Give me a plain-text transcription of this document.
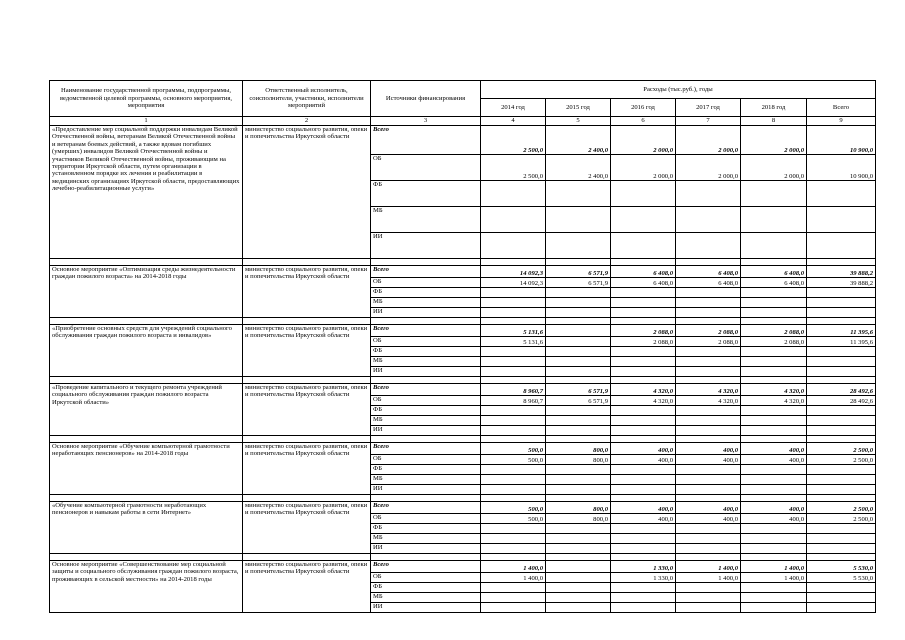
Наименование государственной программы, подпрограммы, ведомственной целевой программы, основного мероприятия, мероприятия	Ответственный исполнитель, соисполнители, участники, исполнители мероприятий	Источники финансирования	Расходы (тыс.руб.), годы					
			2014 год	2015 год	2016 год	2017 год	2018 год	Всего
1	2	3	4	5	6	7	8	9
«Предоставление мер социальной поддержки инвалидам Великой Отечественной войны, ветеранам Великой Отечественной войны и ветеранам боевых действий, а также вдовам погибших (умерших) инвалидов Великой Отечественной войны и участников Великой Отечественной войны, проживающим на территории Иркутской области, путем организации в установленном порядке их лечения и реабилитации в медицинских организациях Иркутской области, предоставляющих лечебно-реабилитационные услуги»	министерство социального развития, опеки и попечительства Иркутской области	Всего	2 500,0	2 400,0	2 000,0	2 000,0	2 000,0	10 900,0
		ОБ	2 500,0	2 400,0	2 000,0	2 000,0	2 000,0	10 900,0
		ФБ						
		МБ						
		ИИ						

Основное мероприятие «Оптимизация среды жизнедеятельности граждан пожилого возраста» на 2014-2018 годы	министерство социального развития, опеки и попечительства Иркутской области	Всего	14 092,3	6 571,9	6 408,0	6 408,0	6 408,0	39 888,2
		ОБ	14 092,3	6 571,9	6 408,0	6 408,0	6 408,0	39 888,2
		ФБ						
		МБ						
		ИИ						

«Приобретение основных средств для учреждений социального обслуживания граждан пожилого возраста и инвалидов»	министерство социального развития, опеки и попечительства Иркутской области	Всего	5 131,6		2 088,0	2 088,0	2 088,0	11 395,6
		ОБ	5 131,6		2 088,0	2 088,0	2 088,0	11 395,6
		ФБ						
		МБ						
		ИИ						

«Проведение капитального и текущего ремонта учреждений социального обслуживания граждан пожилого возраста Иркутской области»	министерство социального развития, опеки и попечительства Иркутской области	Всего	8 960,7	6 571,9	4 320,0	4 320,0	4 320,0	28 492,6
		ОБ	8 960,7	6 571,9	4 320,0	4 320,0	4 320,0	28 492,6
		ФБ						
		МБ						
		ИИ						

Основное мероприятие «Обучение компьютерной грамотности неработающих пенсионеров» на 2014-2018 годы	министерство социального развития, опеки и попечительства Иркутской области	Всего	500,0	800,0	400,0	400,0	400,0	2 500,0
		ОБ	500,0	800,0	400,0	400,0	400,0	2 500,0
		ФБ						
		МБ						
		ИИ						

«Обучение компьютерной грамотности неработающих пенсионеров и навыкам работы в сети Интернет»	министерство социального развития, опеки и попечительства Иркутской области	Всего	500,0	800,0	400,0	400,0	400,0	2 500,0
		ОБ	500,0	800,0	400,0	400,0	400,0	2 500,0
		ФБ						
		МБ						
		ИИ						

Основное мероприятие «Совершенствование мер социальной защиты и социального обслуживания граждан пожилого возраста, проживающих в сельской местности» на 2014-2018 годы	министерство социального развития, опеки и попечительства Иркутской области	Всего	1 400,0		1 330,0	1 400,0	1 400,0	5 530,0
		ОБ	1 400,0		1 330,0	1 400,0	1 400,0	5 530,0
		ФБ						
		МБ						
		ИИ						
